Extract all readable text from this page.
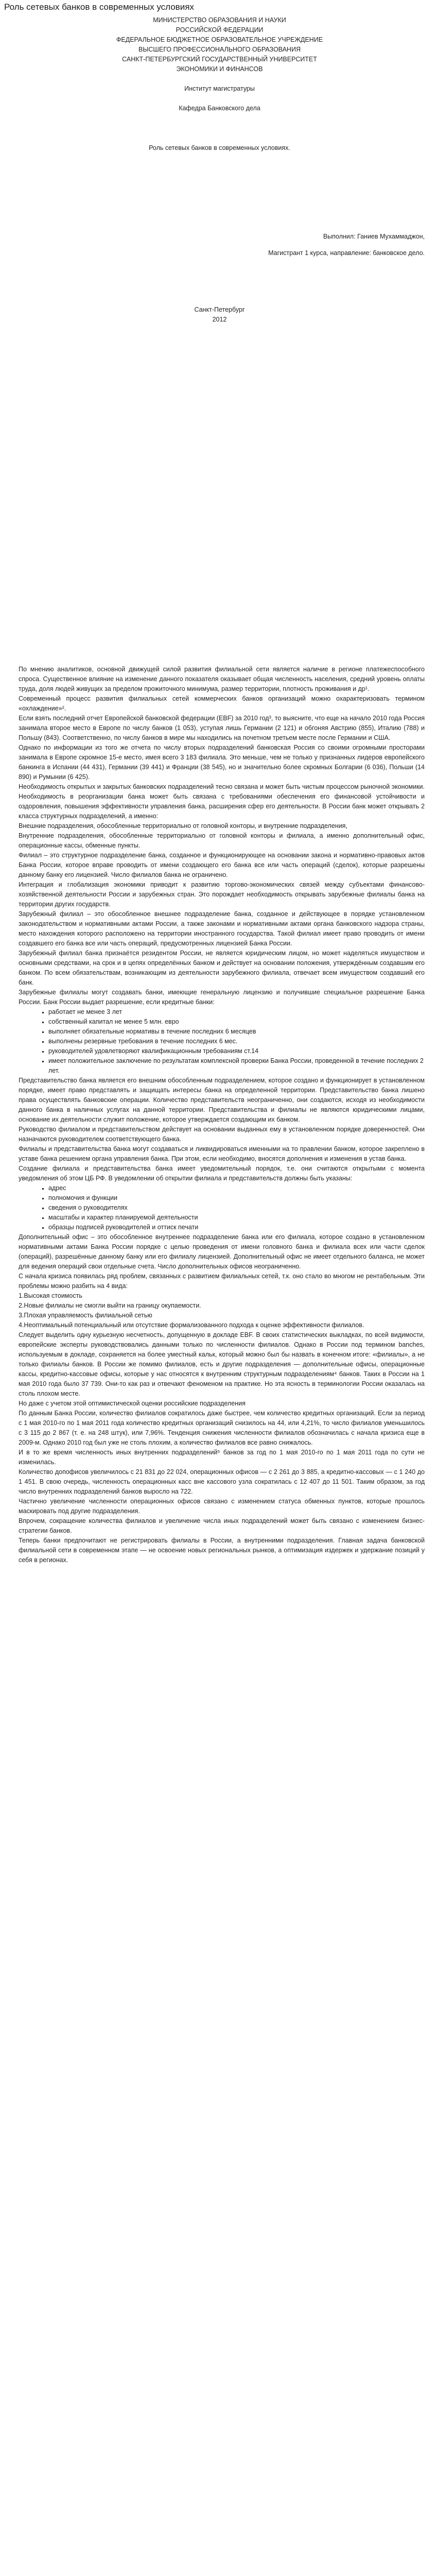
Роль сетевых банков в современных условиях

МИНИСТЕРСТВО ОБРАЗОВАНИЯ И НАУКИ

РОССИЙСКОЙ ФЕДЕРАЦИИ

ФЕДЕРАЛЬНОЕ БЮДЖЕТНОЕ ОБРАЗОВАТЕЛЬНОЕ УЧРЕЖДЕНИЕ

ВЫСШЕГО ПРОФЕССИОНАЛЬНОГО ОБРАЗОВАНИЯ

САНКТ-ПЕТЕРБУРГСКИЙ ГОСУДАРСТВЕННЫЙ УНИВЕРСИТЕТ

ЭКОНОМИКИ И ФИНАНСОВ

Институт магистратуры

Кафедра Банковского дела

Роль сетевых банков в современных условиях.

Выполнил: Ганиев Мухаммаджон,

Магистрант 1 курса, направление: банковское дело.

Санкт-Петербург

2012

По мнению аналитиков, основной движущей силой развития филиальной сети является наличие в регионе платежеспособного спроса. Существенное влияние на изменение данного показателя оказывает общая численность населения, средний уровень оплаты труда, доля людей живущих за пределом прожиточного минимума, размер территории, плотность проживания и др¹.

Современный процесс развития филиальных сетей коммерческих банков организаций можно охарактеризовать термином «охлаждение»².

Если взять последний отчет Европейской банковской федерации (EBF) за 2010 год³, то выясните, что еще на начало 2010 года Россия занимала второе место в Европе по числу банков (1 053), уступая лишь Германии (2 121) и обгоняя Австрию (855), Италию (788) и Польшу (843). Соответственно, по числу банков в мире мы находились на почетном третьем месте после Германии и США.

Однако по информации из того же отчета по числу вторых подразделений банковская Россия со своими огромными просторами занимала в Европе скромное 15-е место, имея всего 3 183 филиала. Это меньше, чем не только у признанных лидеров европейского банкинга в Испании (44 431), Германии (39 441) и Франции (38 545), но и значительно более скромных Болгарии (6 036), Польши (14 890) и Румынии (6 425).

Необходимость открытых и закрытых банковских подразделений тесно связана и может быть чистым процессом рыночной экономики. Необходимость в реорганизации банка может быть связана с требованиями обеспечения его финансовой устойчивости и оздоровления, повышения эффективности управления банка, расширения сфер его деятельности. В России банк может открывать 2 класса структурных подразделений, а именно:

Внешние подразделения, обособленные территориально от головной конторы, и внутренние подразделения,

Внутренние подразделения, обособленные территориально от головной конторы и филиала, а именно дополнительный офис, операционные кассы, обменные пункты.

Филиал – это структурное подразделение банка, созданное и функционирующее на основании закона и нормативно-правовых актов Банка России, которое вправе проводить от имени создающего его банка все или часть операций (сделок), которые разрешены данному банку его лицензией. Число филиалов банка не ограничено.

Интеграция и глобализация экономики приводит к развитию торгово-экономических связей между субъектами финансово-хозяйственной деятельности России и зарубежных стран. Это порождает необходимость открывать зарубежные филиалы банка на территории других государств.

Зарубежный филиал – это обособленное внешнее подразделение банка, созданное и действующее в порядке установленном законодательством и нормативными актами России, а также законами и нормативными актами органа банковского надзора страны, место нахождения которого расположено на территории иностранного государства. Такой филиал имеет право проводить от имени создавшего его банка все или часть операций, предусмотренных лицензией Банка России.

Зарубежный филиал банка признаётся резидентом России, не является юридическим лицом, но может наделяться имуществом и основными средствами, на срок и в цепях определённых банком и действует на основании положения, утверждённым создавшим его банком. По всем обязательствам, возникающим из деятельности зарубежного филиала, отвечает всем имуществом создавший его банк.

Зарубежные филиалы могут создавать банки, имеющие генеральную лицензию и получившие специальное разрешение Банка России. Банк России выдает разрешение, если кредитные банки:

▪ работает не менее 3 лет
▪ собственный капитал не менее 5 млн. евро
▪ выполняет обязательные нормативы в течение последних 6 месяцев
▪ выполнены резервные требования в течение последних 6 мес.
▪ руководителей удовлетворяют квалификационным требованиям ст.14
▪ имеет положительное заключение по результатам комплексной проверки Банка России, проведенной в течение последних 2 лет.

Представительство банка является его внешним обособленным подразделением, которое создано и функционирует в установленном порядке, имеет право представлять и защищать интересы банка на определенной территории. Представительство банка лишено права осуществлять банковские операции. Количество представительств неограниченно, они создаются, исходя из необходимости данного банка в наличных услугах на данной территории. Представительства и филиалы не являются юридическими лицами, основание их деятельности служит положение, которое утверждается создающим их банком.

Руководство филиалом и представительством действует на основании выданных ему в установленном порядке доверенностей. Они назначаются руководителем соответствующего банка.

Филиалы и представительства банка могут создаваться и ликвидироваться именными на то правлении банком, которое закреплено в уставе банка решением органа управления банка. При этом, если необходимо, вносятся дополнения и изменения в устав банка.

Создание филиала и представительства банка имеет уведомительный порядок, т.е. они считаются открытыми с момента уведомления об этом ЦБ РФ. В уведомлении об открытии филиала и представительств должны быть указаны:

▪ адрес
▪ полномочия и функции
▪ сведения о руководителях
▪ масштабы и характер планируемой деятельности
▪ образцы подписей руководителей и оттиск печати

Дополнительный офис – это обособленное внутреннее подразделение банка или его филиала, которое создано в установленном нормативными актами Банка России порядке с целью проведения от имени головного банка и филиала всех или части сделок (операций), разрешённые данному банку или его филиалу лицензией. Дополнительный офис не имеет отдельного баланса, не может для ведения операций свои отдельные счета. Число дополнительных офисов неограниченно.

С начала кризиса появилась ряд проблем, связанных с развитием филиальных сетей, т.к. оно стало во многом не рентабельным. Эти проблемы можно разбить на 4 вида:

1.Высокая стоимость

2.Новые филиалы не смогли выйти на границу окупаемости.

3.Плохая управляемость филиальной сетью

4.Неоптимальный потенциальный или отсутствие формализованного подхода к оценке эффективности филиалов.

Следует выделить одну курьезную несчетность, допущенную в докладе EBF. В своих статистических выкладках, по всей видимости, европейские эксперты руководствовались данными только по численности филиалов. Однако в России под термином banches, используемым в докладе, сохраняется на более уместный кальк, который можно был бы назвать в конечном итоге: «филиалы», а не только филиалы банков. В России же помимо филиалов, есть и другие подразделения — дополнительные офисы, операционные кассы, кредитно-кассовые офисы, которые у нас относятся к внутренним структурным подразделениям⁴ банков. Таких в России на 1 мая 2010 года было 37 739. Они-то как раз и отвечают феноменом на практике. Но эта ясность в терминологии России оказалась на столь плохом месте.

Но даже с учетом этой оптимистической оценки российские подразделения

По данным Банка России, количество филиалов сократилось даже быстрее, чем количество кредитных организаций. Если за период с 1 мая 2010-го по 1 мая 2011 года количество кредитных организаций снизилось на 44, или 4,21%, то число филиалов уменьшилось с 3 115 до 2 867 (т. е. на 248 штук), или 7,96%. Тенденция снижения численности филиалов обозначилась с начала кризиса еще в 2009-м. Однако 2010 год был уже не столь плохим, а количество филиалов все равно снижалось.

И в то же время численность иных внутренних подразделений⁵ банков за год по 1 мая 2010-го по 1 мая 2011 года по сути не изменилась.

Количество допофисов увеличилось с 21 831 до 22 024, операционных офисов — с 2 261 до 3 885, а кредитно-кассовых — с 1 240 до 1 451. В свою очередь, численность операционных касс вне кассового узла сократилась с 12 407 до 11 501. Таким образом, за год число внутренних подразделений банков выросло на 722.

Частично увеличение численности операционных офисов связано с изменением статуса обменных пунктов, которые прошлось маскировать под другие подразделения.

Впрочем, сокращение количества филиалов и увеличение числа иных подразделений может быть связано с изменением бизнес-стратегии банков.

Теперь банки предпочитают не регистрировать филиалы в России, а внутренними подразделения. Главная задача банковской филиальной сети в современном этапе — не освоение новых региональных рынков, а оптимизация издержек и удержание позиций у себя в регионах.
